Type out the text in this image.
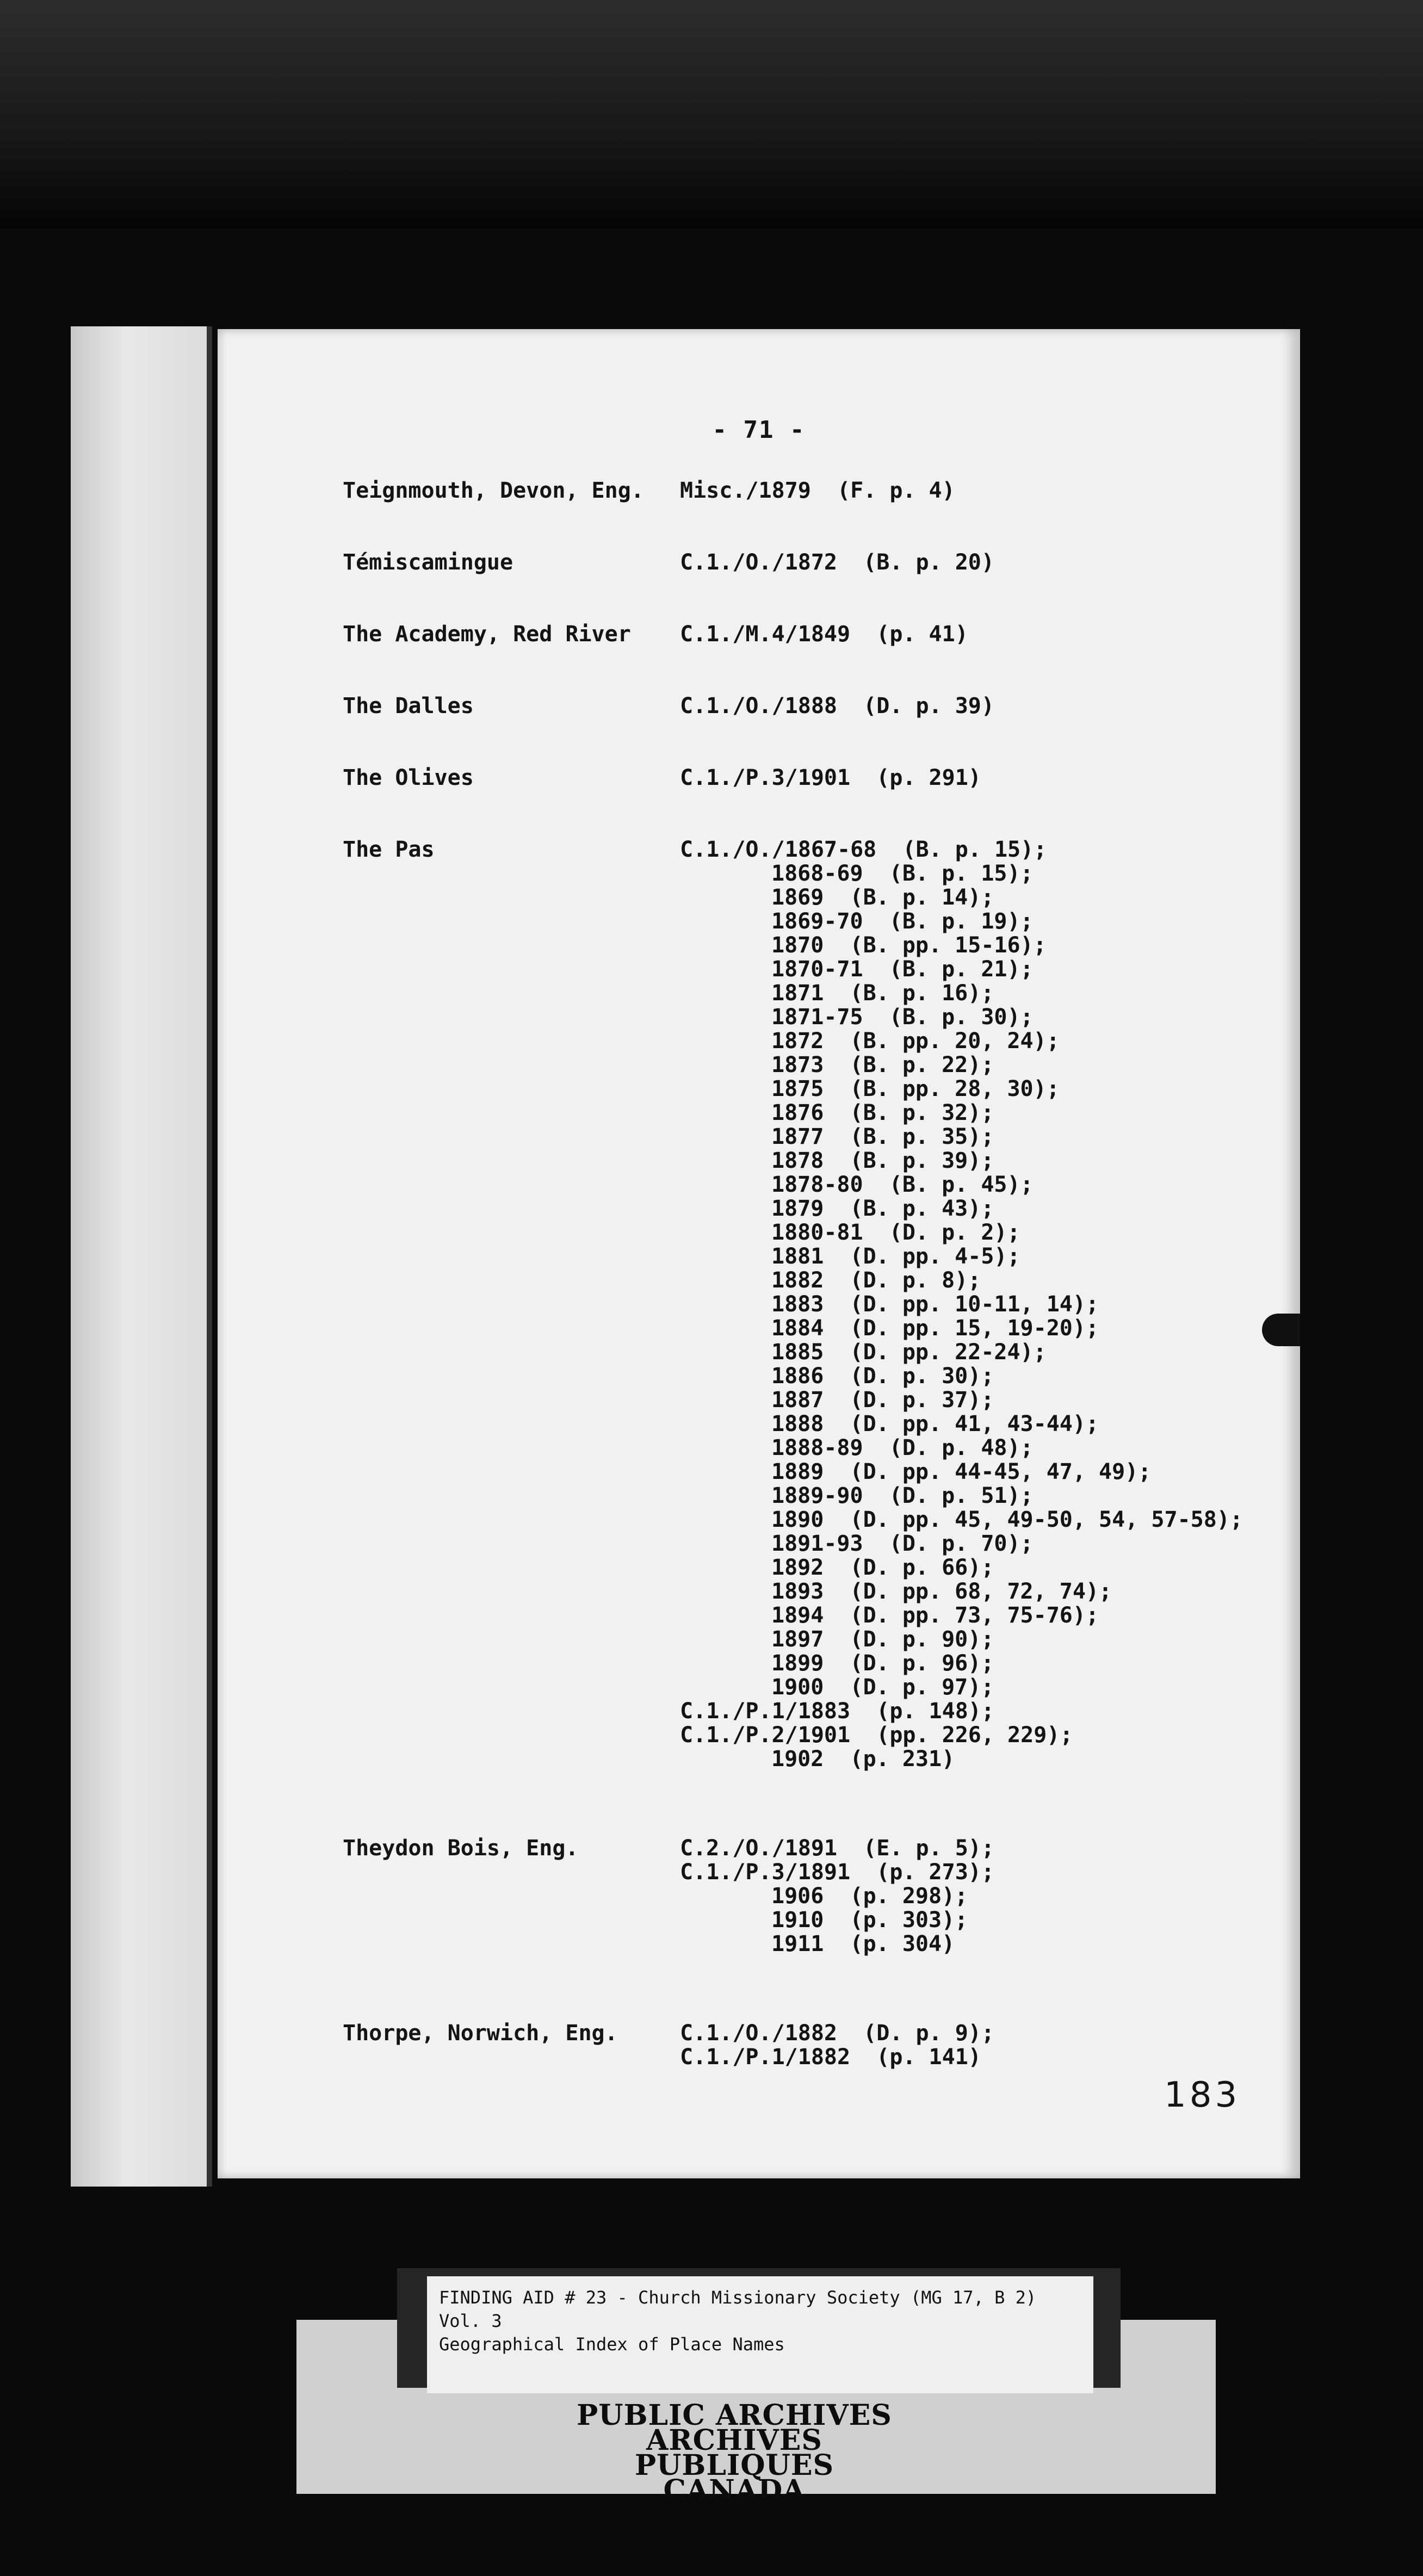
- 71 -
Teignmouth, Devon, Eng.	Misc./1879  (F. p. 4)
Témiscamingue	C.1./O./1872  (B. p. 20)
The Academy, Red River	C.1./M.4/1849  (p. 41)
The Dalles	C.1./O./1888  (D. p. 39)
The Olives	C.1./P.3/1901  (p. 291)
The Pas	C.1./O./1867-68  (B. p. 15);
1868-69  (B. p. 15);
1869  (B. p. 14);
1869-70  (B. p. 19);
1870  (B. pp. 15-16);
1870-71  (B. p. 21);
1871  (B. p. 16);
1871-75  (B. p. 30);
1872  (B. pp. 20, 24);
1873  (B. p. 22);
1875  (B. pp. 28, 30);
1876  (B. p. 32);
1877  (B. p. 35);
1878  (B. p. 39);
1878-80  (B. p. 45);
1879  (B. p. 43);
1880-81  (D. p. 2);
1881  (D. pp. 4-5);
1882  (D. p. 8);
1883  (D. pp. 10-11, 14);
1884  (D. pp. 15, 19-20);
1885  (D. pp. 22-24);
1886  (D. p. 30);
1887  (D. p. 37);
1888  (D. pp. 41, 43-44);
1888-89  (D. p. 48);
1889  (D. pp. 44-45, 47, 49);
1889-90  (D. p. 51);
1890  (D. pp. 45, 49-50, 54, 57-58);
1891-93  (D. p. 70);
1892  (D. p. 66);
1893  (D. pp. 68, 72, 74);
1894  (D. pp. 73, 75-76);
1897  (D. p. 90);
1899  (D. p. 96);
1900  (D. p. 97);
C.1./P.1/1883  (p. 148);
C.1./P.2/1901  (pp. 226, 229);
1902  (p. 231)
Theydon Bois, Eng.	C.2./O./1891  (E. p. 5);
C.1./P.3/1891  (p. 273);
1906  (p. 298);
1910  (p. 303);
1911  (p. 304)
Thorpe, Norwich, Eng.	C.1./O./1882  (D. p. 9);
C.1./P.1/1882  (p. 141)
183
FINDING AID # 23 - Church Missionary Society (MG 17, B 2)
Vol. 3
Geographical Index of Place Names
PUBLIC ARCHIVES
ARCHIVES PUBLIQUES
CANADA
